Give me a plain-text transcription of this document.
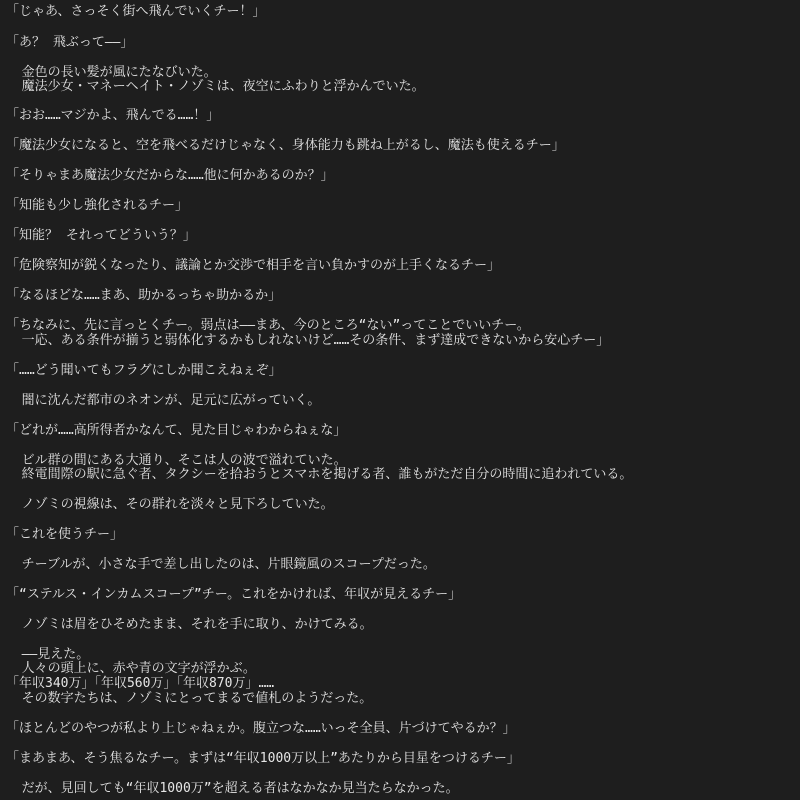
「じゃあ、さっそく街へ飛んでいくチー！」
「あ？ 飛ぶって——」
金色の長い髪が風にたなびいた。
魔法少女・マネーヘイト・ノゾミは、夜空にふわりと浮かんでいた。
「おお……マジかよ、飛んでる……！」
「魔法少女になると、空を飛べるだけじゃなく、身体能力も跳ね上がるし、魔法も使えるチー」
「そりゃまあ魔法少女だからな……他に何かあるのか？」
「知能も少し強化されるチー」
「知能？ それってどういう？」
「危険察知が鋭くなったり、議論とか交渉で相手を言い負かすのが上手くなるチー」
「なるほどな……まあ、助かるっちゃ助かるか」
「ちなみに、先に言っとくチー。弱点は——まあ、今のところ“ない”ってことでいいチー。
一応、ある条件が揃うと弱体化するかもしれないけど……その条件、まず達成できないから安心チー」
「……どう聞いてもフラグにしか聞こえねぇぞ」
闇に沈んだ都市のネオンが、足元に広がっていく。
「どれが……高所得者かなんて、見た目じゃわからねぇな」
ビル群の間にある大通り、そこは人の波で溢れていた。
終電間際の駅に急ぐ者、タクシーを拾おうとスマホを掲げる者、誰もがただ自分の時間に追われている。
ノゾミの視線は、その群れを淡々と見下ろしていた。
「これを使うチー」
チーブルが、小さな手で差し出したのは、片眼鏡風のスコープだった。
「“ステルス・インカムスコープ”チー。これをかければ、年収が見えるチー」
ノゾミは眉をひそめたまま、それを手に取り、かけてみる。
——見えた。
人々の頭上に、赤や青の文字が浮かぶ。
「年収340万」「年収560万」「年収870万」……
その数字たちは、ノゾミにとってまるで値札のようだった。
「ほとんどのやつが私より上じゃねぇか。腹立つな……いっそ全員、片づけてやるか？」
「まあまあ、そう焦るなチー。まずは“年収1000万以上”あたりから目星をつけるチー」
だが、見回しても“年収1000万”を超える者はなかなか見当たらなかった。
